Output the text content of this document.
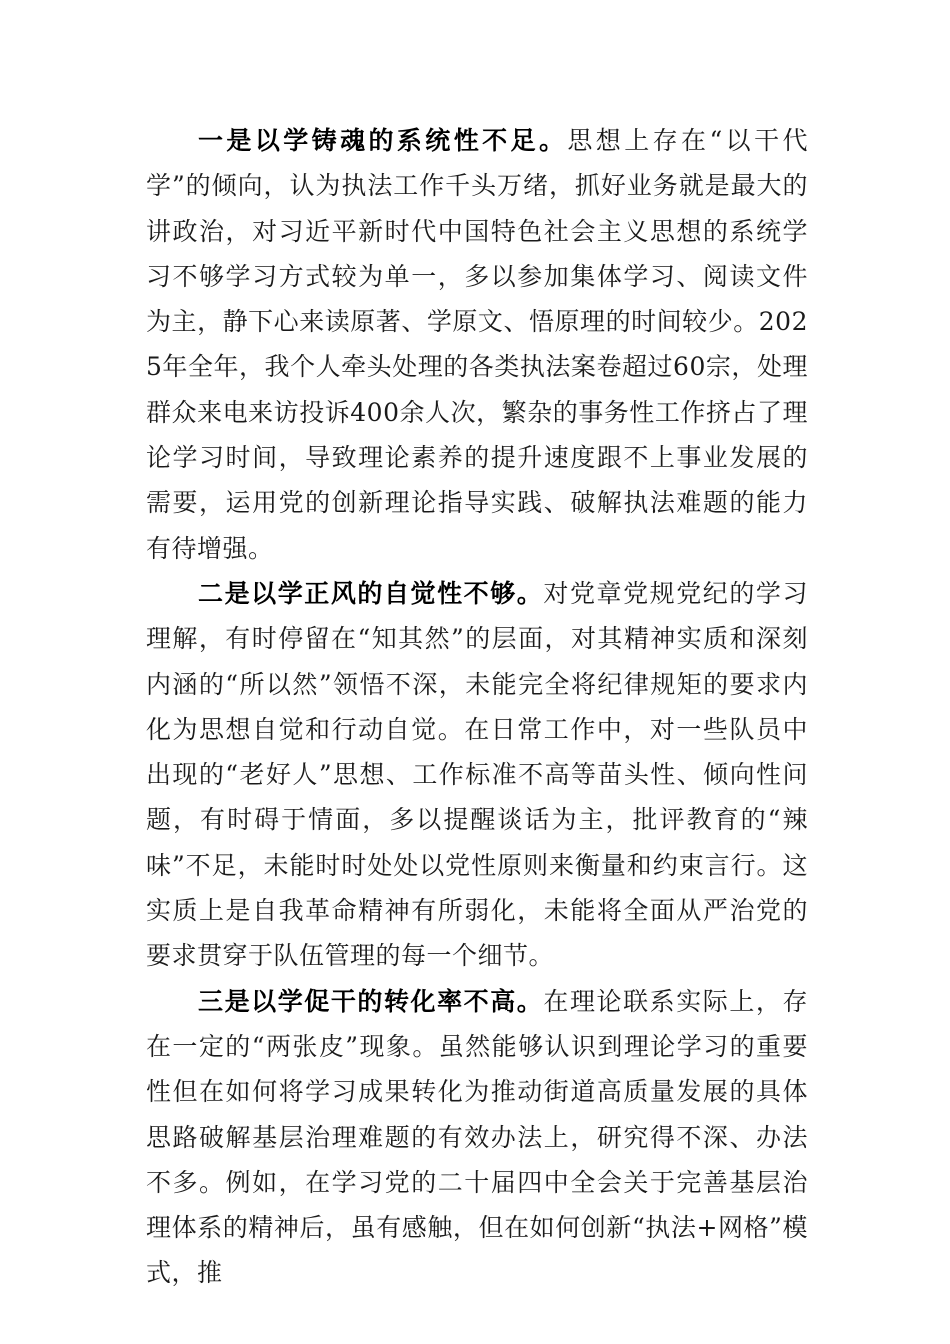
一是以学铸魂的系统性不足。思想上存在“以干代学”的倾向，认为执法工作千头万绪，抓好业务就是最大的讲政治，对习近平新时代中国特色社会主义思想的系统学习不够学习方式较为单一，多以参加集体学习、阅读文件为主，静下心来读原著、学原文、悟原理的时间较少。2025年全年，我个人牵头处理的各类执法案卷超过60宗，处理群众来电来访投诉400余人次，繁杂的事务性工作挤占了理论学习时间，导致理论素养的提升速度跟不上事业发展的需要，运用党的创新理论指导实践、破解执法难题的能力有待增强。

二是以学正风的自觉性不够。对党章党规党纪的学习理解，有时停留在“知其然”的层面，对其精神实质和深刻内涵的“所以然”领悟不深，未能完全将纪律规矩的要求内化为思想自觉和行动自觉。在日常工作中，对一些队员中出现的“老好人”思想、工作标准不高等苗头性、倾向性问题，有时碍于情面，多以提醒谈话为主，批评教育的“辣味”不足，未能时时处处以党性原则来衡量和约束言行。这实质上是自我革命精神有所弱化，未能将全面从严治党的要求贯穿于队伍管理的每一个细节。

三是以学促干的转化率不高。在理论联系实际上，存在一定的“两张皮”现象。虽然能够认识到理论学习的重要性但在如何将学习成果转化为推动街道高质量发展的具体思路破解基层治理难题的有效办法上，研究得不深、办法不多。例如，在学习党的二十届四中全会关于完善基层治理体系的精神后，虽有感触，但在如何创新“执法+网格”模式，推
